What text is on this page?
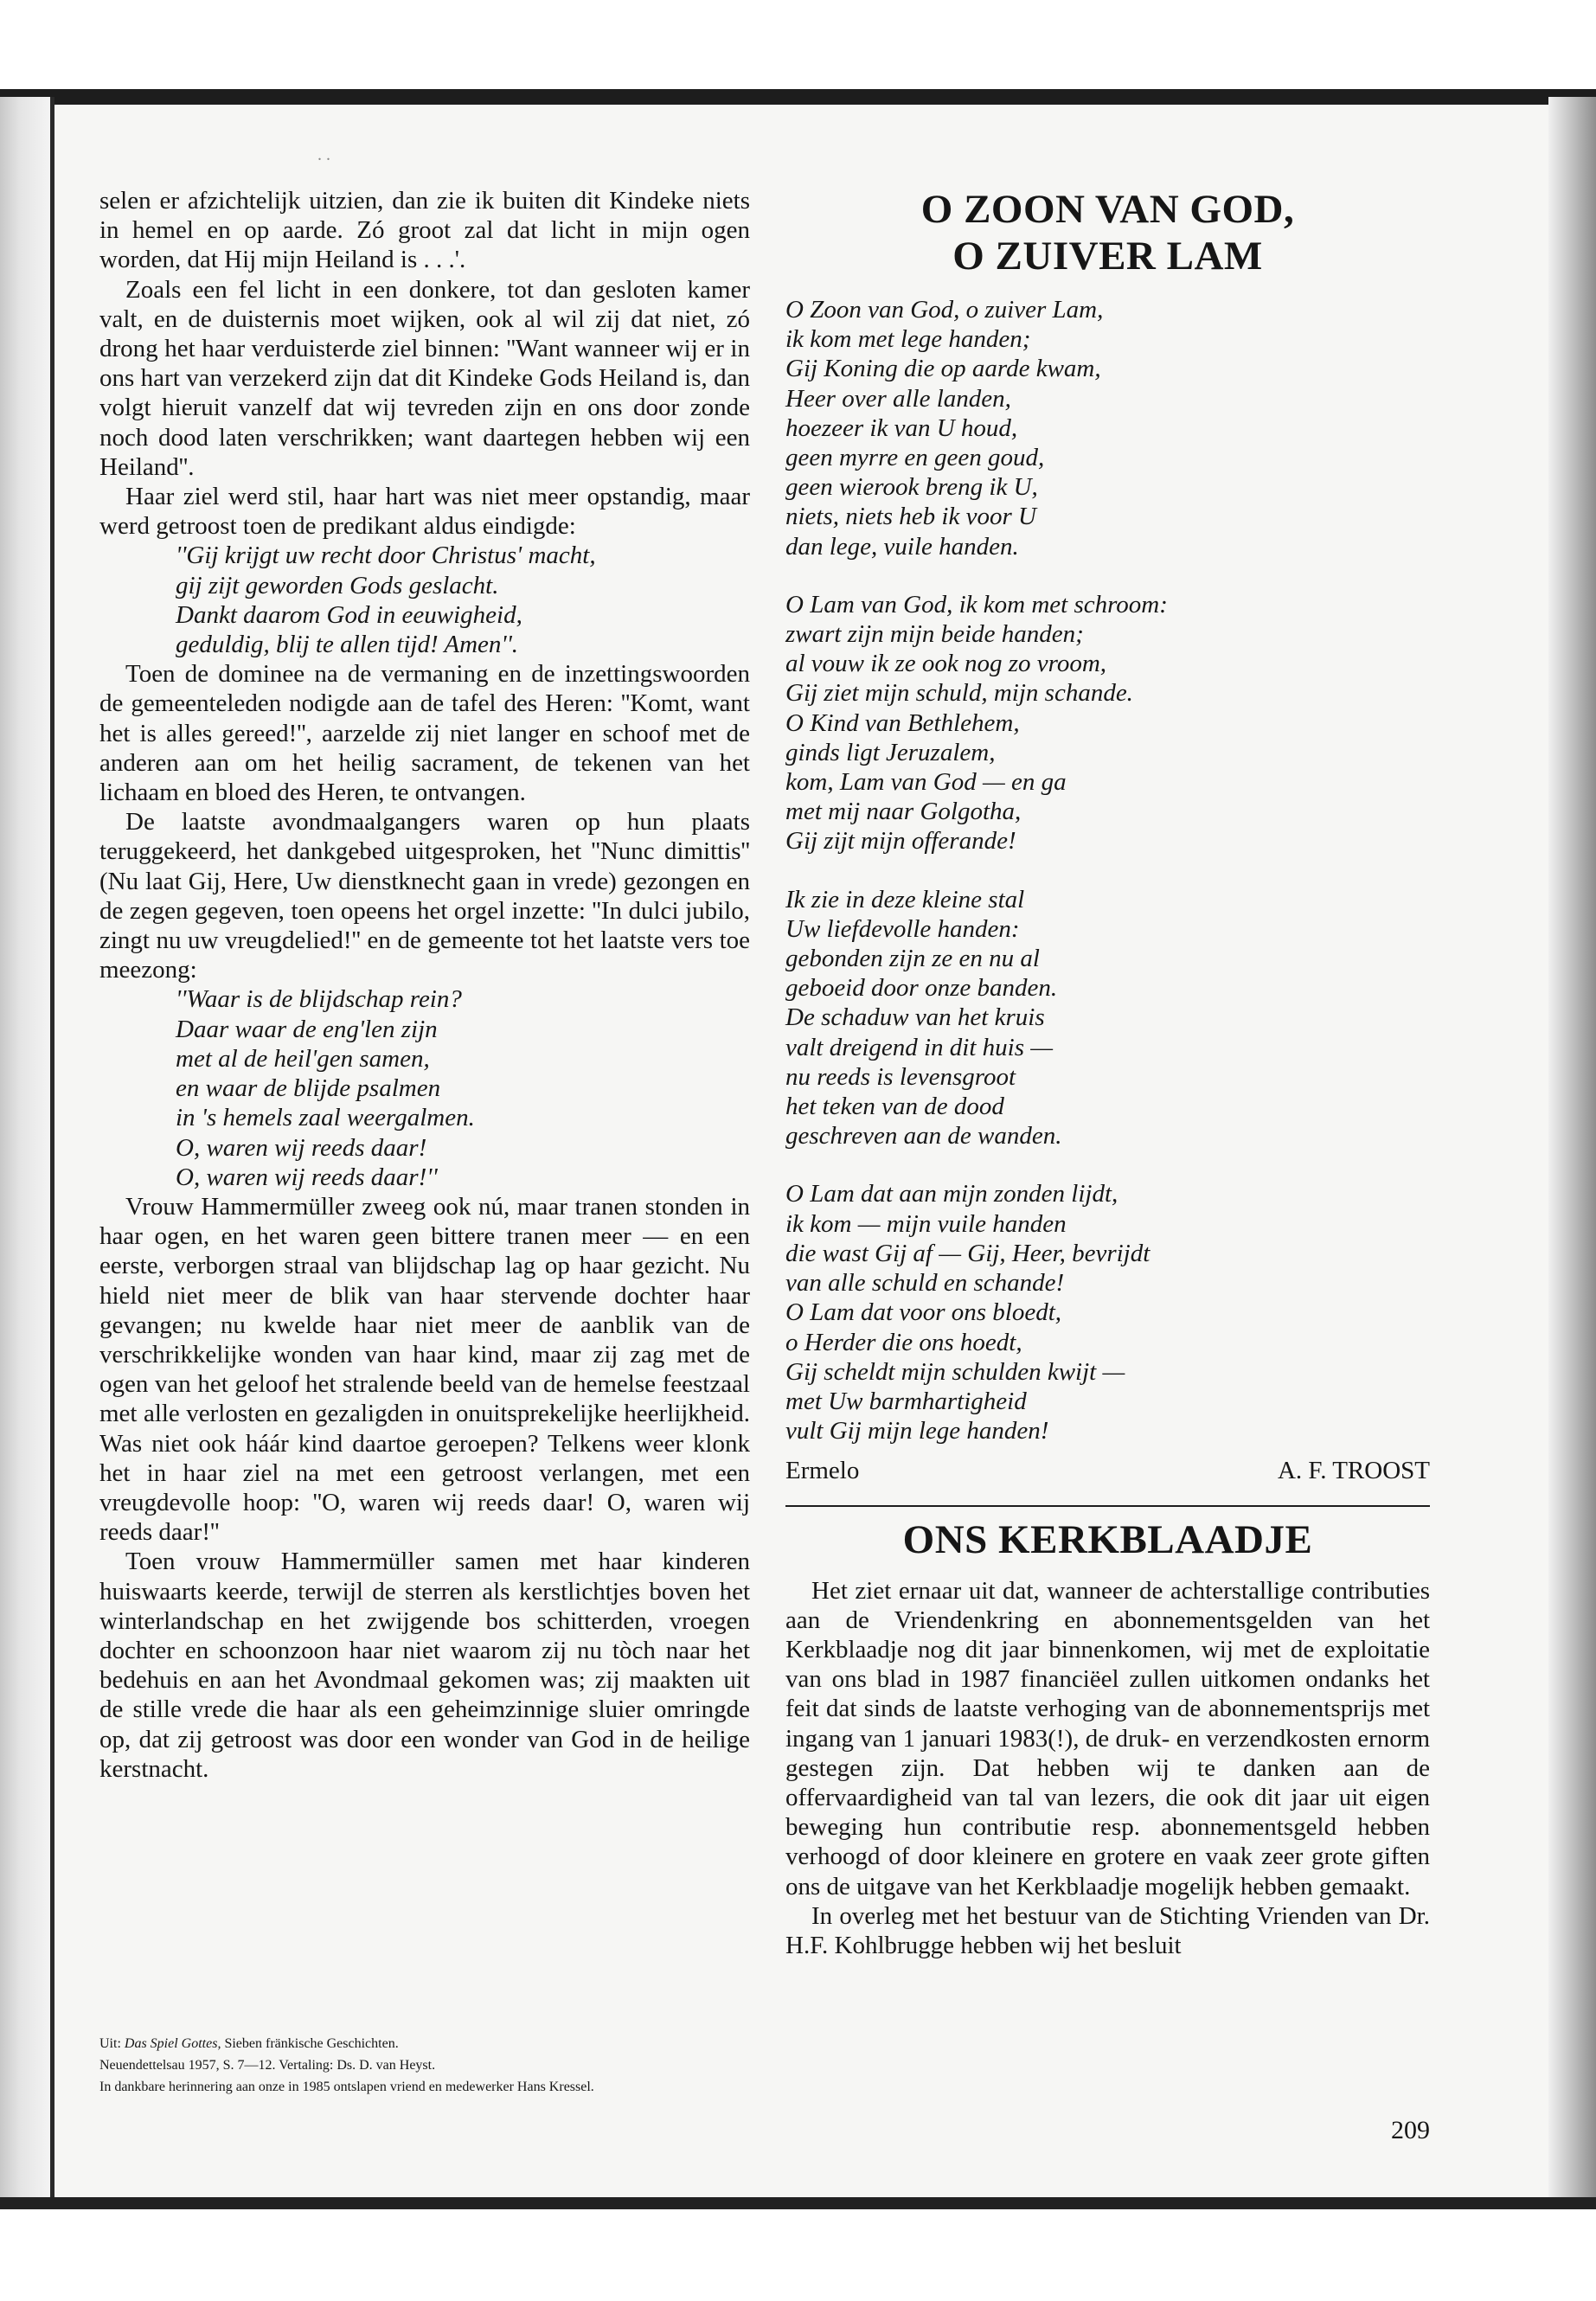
. .

selen er afzichtelijk uitzien, dan zie ik buiten dit Kindeke niets in hemel en op aarde. Zó groot zal dat licht in mijn ogen worden, dat Hij mijn Heiland is . . .'.

Zoals een fel licht in een donkere, tot dan gesloten kamer valt, en de duisternis moet wijken, ook al wil zij dat niet, zó drong het haar verduisterde ziel binnen: ''Want wanneer wij er in ons hart van verzekerd zijn dat dit Kindeke Gods Heiland is, dan volgt hieruit vanzelf dat wij tevreden zijn en ons door zonde noch dood laten verschrikken; want daartegen hebben wij een Heiland''.

Haar ziel werd stil, haar hart was niet meer opstandig, maar werd getroost toen de predikant aldus eindigde:

''Gij krijgt uw recht door Christus' macht,
gij zijt geworden Gods geslacht.
Dankt daarom God in eeuwigheid,
geduldig, blij te allen tijd! Amen''.

Toen de dominee na de vermaning en de inzettingswoorden de gemeenteleden nodigde aan de tafel des Heren: ''Komt, want het is alles gereed!'', aarzelde zij niet langer en schoof met de anderen aan om het heilig sacrament, de tekenen van het lichaam en bloed des Heren, te ontvangen.

De laatste avondmaalgangers waren op hun plaats teruggekeerd, het dankgebed uitgesproken, het ''Nunc dimittis'' (Nu laat Gij, Here, Uw dienstknecht gaan in vrede) gezongen en de zegen gegeven, toen opeens het orgel inzette: ''In dulci jubilo, zingt nu uw vreugdelied!'' en de gemeente tot het laatste vers toe meezong:

''Waar is de blijdschap rein?
Daar waar de eng'len zijn
met al de heil'gen samen,
en waar de blijde psalmen
in 's hemels zaal weergalmen.
O, waren wij reeds daar!
O, waren wij reeds daar!''

Vrouw Hammermüller zweeg ook nú, maar tranen stonden in haar ogen, en het waren geen bittere tranen meer — en een eerste, verborgen straal van blijdschap lag op haar gezicht. Nu hield niet meer de blik van haar stervende dochter haar gevangen; nu kwelde haar niet meer de aanblik van de verschrikkelijke wonden van haar kind, maar zij zag met de ogen van het geloof het stralende beeld van de hemelse feestzaal met alle verlosten en gezaligden in onuitsprekelijke heerlijkheid. Was niet ook háár kind daartoe geroepen? Telkens weer klonk het in haar ziel na met een getroost verlangen, met een vreugdevolle hoop: ''O, waren wij reeds daar! O, waren wij reeds daar!''

Toen vrouw Hammermüller samen met haar kinderen huiswaarts keerde, terwijl de sterren als kerstlichtjes boven het winterlandschap en het zwijgende bos schitterden, vroegen dochter en schoonzoon haar niet waarom zij nu tòch naar het bedehuis en aan het Avondmaal gekomen was; zij maakten uit de stille vrede die haar als een geheimzinnige sluier omringde op, dat zij getroost was door een wonder van God in de heilige kerstnacht.

Uit: Das Spiel Gottes, Sieben fränkische Geschichten.
Neuendettelsau 1957, S. 7—12. Vertaling: Ds. D. van Heyst.
In dankbare herinnering aan onze in 1985 ontslapen vriend en medewerker Hans Kressel.
O ZOON VAN GOD,
O ZUIVER LAM
O Zoon van God, o zuiver Lam,
ik kom met lege handen;
Gij Koning die op aarde kwam,
Heer over alle landen,
hoezeer ik van U houd,
geen myrre en geen goud,
geen wierook breng ik U,
niets, niets heb ik voor U
dan lege, vuile handen.
O Lam van God, ik kom met schroom:
zwart zijn mijn beide handen;
al vouw ik ze ook nog zo vroom,
Gij ziet mijn schuld, mijn schande.
O Kind van Bethlehem,
ginds ligt Jeruzalem,
kom, Lam van God — en ga
met mij naar Golgotha,
Gij zijt mijn offerande!
Ik zie in deze kleine stal
Uw liefdevolle handen:
gebonden zijn ze en nu al
geboeid door onze banden.
De schaduw van het kruis
valt dreigend in dit huis —
nu reeds is levensgroot
het teken van de dood
geschreven aan de wanden.
O Lam dat aan mijn zonden lijdt,
ik kom — mijn vuile handen
die wast Gij af — Gij, Heer, bevrijdt
van alle schuld en schande!
O Lam dat voor ons bloedt,
o Herder die ons hoedt,
Gij scheldt mijn schulden kwijt —
met Uw barmhartigheid
vult Gij mijn lege handen!
Ermelo	A. F. TROOST
ONS KERKBLAADJE

Het ziet ernaar uit dat, wanneer de achterstallige contributies aan de Vriendenkring en abonnementsgelden van het Kerkblaadje nog dit jaar binnenkomen, wij met de exploitatie van ons blad in 1987 financiëel zullen uitkomen ondanks het feit dat sinds de laatste verhoging van de abonnementsprijs met ingang van 1 januari 1983(!), de druk- en verzendkosten ernorm gestegen zijn. Dat hebben wij te danken aan de offervaardigheid van tal van lezers, die ook dit jaar uit eigen beweging hun contributie resp. abonnementsgeld hebben verhoogd of door kleinere en grotere en vaak zeer grote giften ons de uitgave van het Kerkblaadje mogelijk hebben gemaakt.

In overleg met het bestuur van de Stichting Vrienden van Dr. H.F. Kohlbrugge hebben wij het besluit

209
